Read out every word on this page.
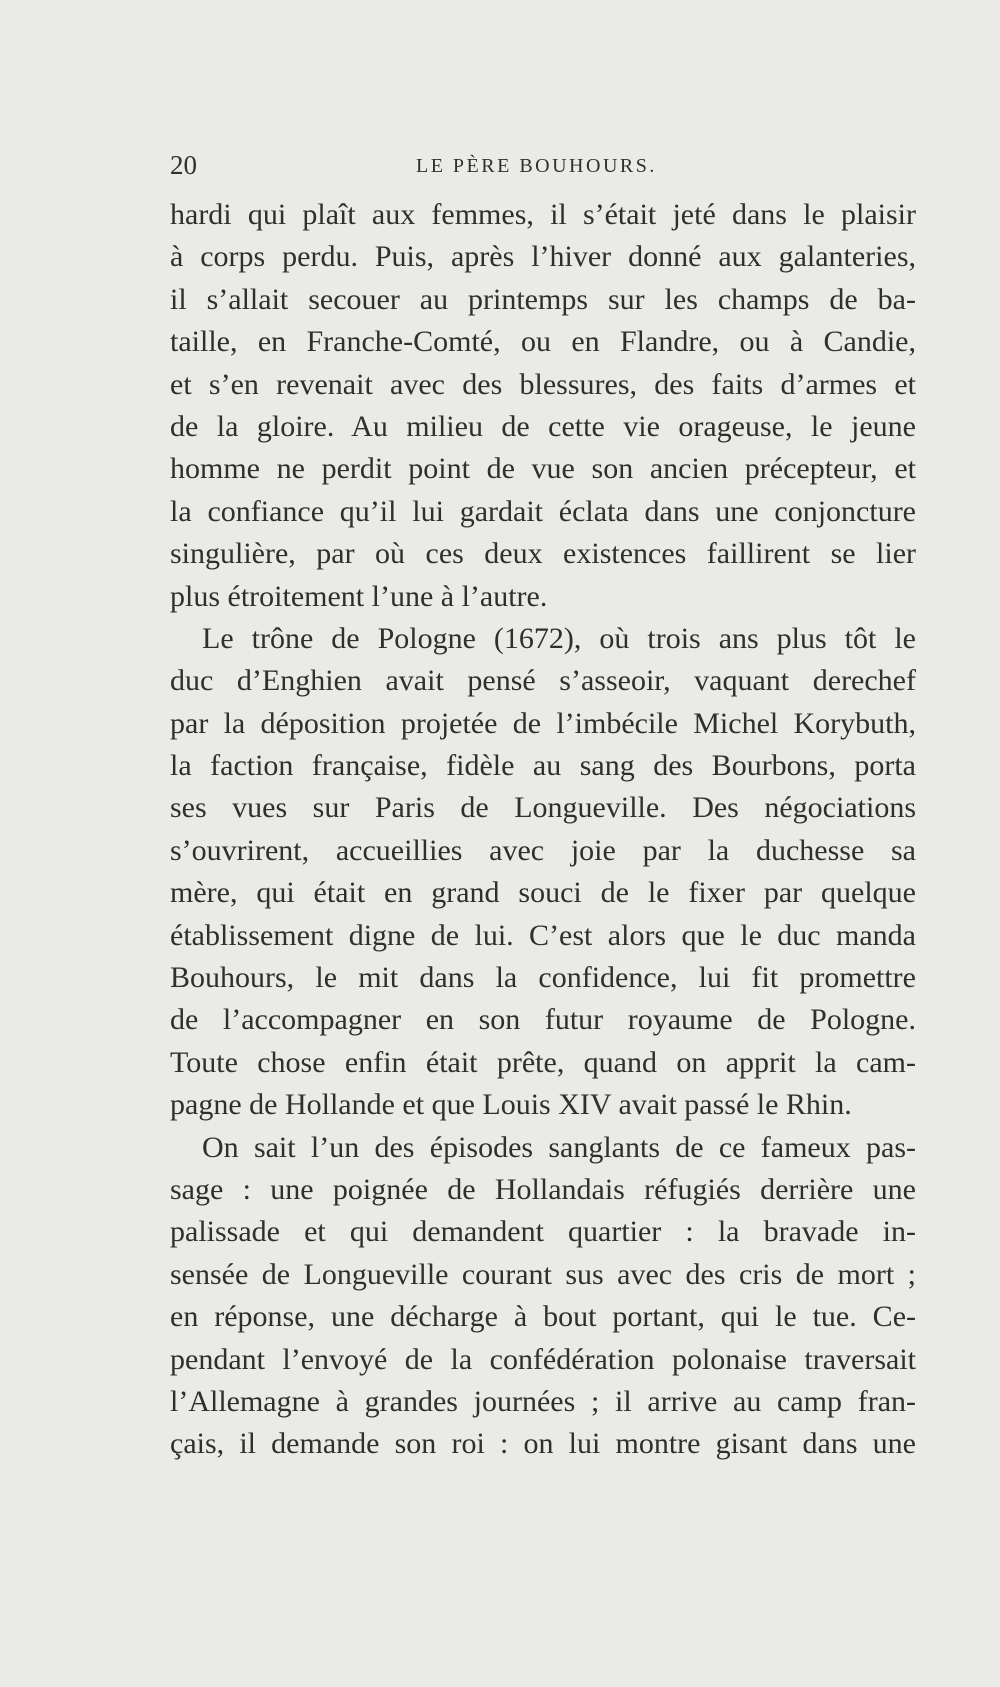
20	LE PÈRE BOUHOURS.
hardi qui plaît aux femmes, il s’était jeté dans le plaisir
à corps perdu. Puis, après l’hiver donné aux galanteries,
il s’allait secouer au printemps sur les champs de ba-
taille, en Franche-Comté, ou en Flandre, ou à Candie,
et s’en revenait avec des blessures, des faits d’armes et
de la gloire. Au milieu de cette vie orageuse, le jeune
homme ne perdit point de vue son ancien précepteur, et
la confiance qu’il lui gardait éclata dans une conjoncture
singulière, par où ces deux existences faillirent se lier
plus étroitement l’une à l’autre.
Le trône de Pologne (1672), où trois ans plus tôt le
duc d’Enghien avait pensé s’asseoir, vaquant derechef
par la déposition projetée de l’imbécile Michel Korybuth,
la faction française, fidèle au sang des Bourbons, porta
ses vues sur Paris de Longueville. Des négociations
s’ouvrirent, accueillies avec joie par la duchesse sa
mère, qui était en grand souci de le fixer par quelque
établissement digne de lui. C’est alors que le duc manda
Bouhours, le mit dans la confidence, lui fit promettre
de l’accompagner en son futur royaume de Pologne.
Toute chose enfin était prête, quand on apprit la cam-
pagne de Hollande et que Louis XIV avait passé le Rhin.
On sait l’un des épisodes sanglants de ce fameux pas-
sage : une poignée de Hollandais réfugiés derrière une
palissade et qui demandent quartier : la bravade in-
sensée de Longueville courant sus avec des cris de mort ;
en réponse, une décharge à bout portant, qui le tue. Ce-
pendant l’envoyé de la confédération polonaise traversait
l’Allemagne à grandes journées ; il arrive au camp fran-
çais, il demande son roi : on lui montre gisant dans une
